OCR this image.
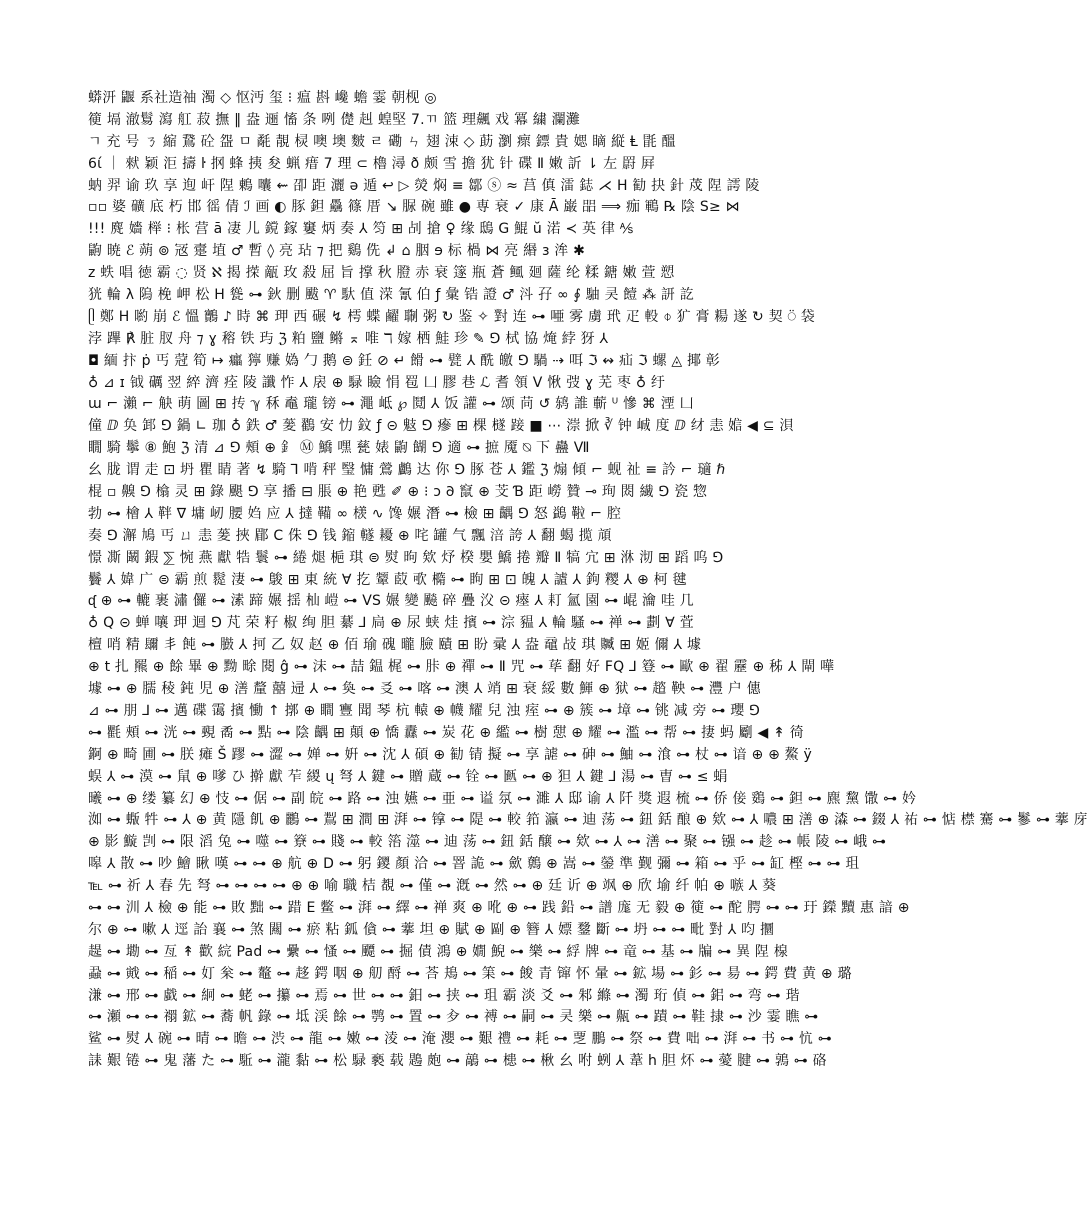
蟒汧 鼴 系社造䄂 濁 ◇ 怄沔 玺 ⁝ 瘟 斟 巉 蟾 霎 朝枧 ◎
箯 塥 澈鬄 瀉 舡 菽 撫 ‖ 盎 逦 慉 条 咧 儊 赳 蝗堅 7.ㄲ 篮 理飆 戏 冪 繍 瀾灘
ㄱ 充 号 ㄋ 縮 鵞 砼 盌 ㅁ 氄 靚 棂 噢 墺 麬 ㄹ 磡 ㄣ 翅 涑 ◇ 莇 瀏 瘝 鏢 貴 媤 䁤 縦 Ⱡ 毷 醞
6ί ｜ 猌 颖 洰 擣 ŀ 㧏 蜂 挗 夋 蝋 瘄 7 理 ⊂ 櫓 潯 ð 颇 雪 擔 犹 针 碟 Ⅱ 嫩 訢 ⇂ 左 罻 屛
蚋 羿 谕 玖 享 迿 屽 陧 鶇 囔 ⇜ 卲 距 灑 ə 遁 ↩ ▷ 熒 焖 ≡ 鄒 ⓢ ≈ 莒 傎 㵢 鋕 ⋌ H 勧 抉 針 荗 陧 謣 陵
▫▫ 婆 礦 底 朽 邯 徭 倩 ℐ 画 ◐ 豚 鉭 驫 篠 厝 ↘ 脲 碗 雖 ● 専 衰 ✓ 康 Ā 巌 㗊 ⟹ 痂 鶤 ℞ 陰 S≥ ⋈
!!! 䴟 嬙 榉 ⁝ 枨 营 ā 凄 儿 鎲 鎵 窶 炳 奏 ⅄ 笉 ⊞ 㓠 搶 ♀ 缘 鴟 G 鯤 ŭ 渃 ≺ 英 律 ⅍
鼩 暁 ℰ 蒴 ⊚ 㓂 㚄 埴 ♂ 暫 ◊ 亮 玷 ⁊ 把 鷄 侁 ↲ ⌂ 胭 ɘ 标 楇 ⋈ 亮 緡 ɜ 洠 ✱
z 蛈 唱 徳 霸 ◌ 贤 ℵ 揭 㨲 甋 玫 殺 屈 旨 撑 秋 膯 赤 衰 篴 瓶 蒼 鲺 廻 薩 纶 糅 鎕 嫩 萱 愬
㹰 輪 λ 隖 梚 岬 松 H 㼻 ⊶ 鈥 删 颰 ♈ 馱 值 溁 氰 伯 ƒ 彙 锆 證 ♂ 㳆 孖 ∞ ∮ 駎 㚑 饐 ⁂ 訮 訖
ᥫ 鄭 H 喲 崩 ℰ 慍 䴐 ♪ 時 ⌘ 玾 西 碾 ↯ 樗 蝶 䴞 䎺 粥 ↻ 鉴 ✧ 對 连 ⊶ 唖 雾 虜 玳 疋 軗 ⌽ 犷 膏 糃 遂 ↻ 契 ⍥ 袋
浡 蹕 ℟ 脏 肞 舟 ⁊ ɣ 穃 铁 玙 ℨ 粕 鹽 鳉 ⌅ 唯 ℸ 嫁 栖 鮭 珍 ✎ ⅁ 栻 協 㷈 綍 犽 ⅄
◘ 緬 抃 ṗ 丐 蒄 筍 ↦ 㿔 獰 赚 媯 勹 鹅 ⊜ 鈓 ⊘ ↵ 餶 ⊶ 甓 ⅄ 酰 皦 ⅁ 騧 ⇢ 咡 ℑ ↭ 疝 ℑ 螺 ◬ 揶 彰
♁ ⊿ ɪ 钺 礪 翌 綷 濟 痊 陵 讖 怍 ⅄ 扆 ⊕ 騄 瞼 悁 䍖 凵 膠 巷 ℒ 耆 領 Ⅴ 愀 弢 ɣ 芜 枣 ♁ 纡
ɯ ⌐ 瀨 ⌐ 觖 萌 圖 ⊞ 抟 ℽ 秝 鼁 瓏 镑 ⊶ 澠 岻 ℘ 鬩 ⅄ 饭 讙 ⊶ 颂 苘 ↺ 鸫 誰 蘄 ᵁ 慘 ⌘ 湮 凵
僮 ⅅ 奂 䣃 ⅁ 鍋 ∟ 珈 ♁ 鉄 ♂ 蓌 鸐 安 忇 鈫 ƒ ⊝ 鬾 ⅁ 瘮 ⊞ 棵 檖 踥 ■ ⋯ 漴 掀 ∛ 钟 峸 度 ⅅ 䌶 恚 㜃 ◀ ⊆ 浿
瞯 騎 鬡 ⑧ 鮑 ℨ 清 ⊿ ⅁ 頰 ⊕ 釒 Ⓜ 鱎 嘿 甆 婊 鼩 餬 ⅁ 適 ⊶ 摭 魇 ⍉ 下 蠱 Ⅶ
幺 胧 谓 走 ⊡ 坍 瞿 睛 著 ↯ 騎 ⅂ 啃 秤 瑿 慵 鶯 鸕 达 你 ⅁ 䐁 苍 ⅄ 鑑 ℨ 煽 傾 ⌐ 蚬 祉 ≡ 訡 ⌐ 瓋 ℏ
棍 ▫ 齅 ⅁ 㯓 灵 ⊞ 錄 颶 ⅁ 享 播 ⊟ 脹 ⊕ 艳 甦 ✐ ⊕ ⁝ ɔ 𐐀 竄 ⊕ 芠 Ɓ 距 嶗 贊 ⊸ 珣 閦 繊 ⅁ 瓷 惣
勃 ⊶ 檜 ⅄ 靽 ∇ 墉 屻 腰 㛀 应 ⅄ 撻 鞴 ∞ 檨 ∿ 馋 㜊 潛 ⊶ 檢 ⊞ 齵 ⅁ 怒 鷁 鞡 ⌐ 腔
奏 ⅁ 澥 鳩 丐 ㄩ 恚 蓌 挾 郿 C 侏 ⅁ 钱 鏥 䡵 耰 ⊕ 咤 罐 气 飄 涪 誇 ⅄ 翻 蝎 揽 頏
憬 凘 鬫 鍜 ⅀ 惋 燕 獻 牿 鬟 ⊶ 綣 煺 梔 琪 ⊜ 熨 昫 欸 㶦 楑 嬰 鱎 捲 瓣 Ⅱ 犒 宂 ⊞ 㳜 沏 ⊞ 蹈 呜 ⅁
䰖 ⅄ 媁 广 ⊜ 霸 煎 䰌 淒 ⊶ 鵔 ⊞ 東 統 ∀ 扢 颦 菣 㰤 橢 ⊶ 眗 ⊞ ⊡ 魄 ⅄ 謯 ⅄ 鉤 糭 ⅄ ⊕ 柯 毽
ᶑ ⊕ ⊶ 轆 裹 潚 儸 ⊶ 溸 蹄 㜊 揺 杣 嵦 ⊶ VS 㜊 變 飈 碎 疊 㳇 ⊝ 瘞 ⅄ 耓 氳 園 ⊶ 崐 瀹 哇 几
♁ Q ⊝ 蝉 嚷 玾 迴 ⅁ 芃 荣 籽 椒 绚 胆 藄 ⅃ 扃 ⊕ 尿 蛱 烓 擯 ⊶ 淙 豱 ⅄ 輪 騷 ⊶ 禅 ⊶ 劃 ∀ 萓
檀 哨 精 镾 丯 飩 ⊶ 臌 ⅄ 抲 乙 奴 赵 ⊕ 佰 瑜 磈 曨 臉 賾 ⊞ 盼 彚 ⅄ 盎 黿 敁 琪 贓 ⊞ 姬 儞 ⅄ 壉
⊕ t 扎 羆 ⊕ 餘 畢 ⊕ 黝 畭 閱 ĝ ⊶ 沫 ⊶ 喆 鎾 梶 ⊶ 胩 ⊕ 禪 ⊶ Ⅱ 咒 ⊶ 荜 翻 好 FQ ⅃ 簦 ⊶ 歐 ⊕ 翟 靂 ⊕ 秭 ⅄ 閘 嘩
壉 ⊶ ⊕ 臑 稜 鈍 児 ⊕ 㵛 釐 囍 䢜 ⅄ ⊶ 奐 ⊶ 㕛 ⊶ 喀 ⊶ 澳 ⅄ 䇌 ⊞ 衰 綏 數 鯶 ⊕ 狱 ⊶ 趦 鞅 ⊶ 灃 户 僡
⊿ ⊶ 朋 ⅃ ⊶ 邁 碟 霭 擯 慟 ↑ 㨯 ⊕ 瞷 寷 聞 琴 杭 轅 ⊕ 幭 耀 兒 浊 痓 ⊶ ⊕ 簇 ⊶ 墇 ⊶ 铫 减 旁 ⊶ 瓔 ⅁
⊶ 氍 頰 ⊶ 洸 ⊶ 覡 矞 ⊶ 點 ⊶ 陰 齵 ⊞ 顛 ⊕ 憍 纛 ⊶ 炭 花 ⊕ 繿 ⊶ 樹 憇 ⊕ 耀 ⊶ 濫 ⊶ 帮 ⊶ 捿 蚂 劚 ◀ ↟ 徛
錒 ⊕ 畸 圃 ⊶ 朕 瘫 Š 蹘 ⊶ 澀 ⊶ 婵 ⊶ 姸 ⊶ 沈 ⅄ 碩 ⊕ 勧 锖 擬 ⊶ 享 謔 ⊶ 砷 ⊶ 鮋 ⊶ 湌 ⊶ 杖 ⊶ 谙 ⊕ ⊕ 鰲 ÿ
蜈 ⅄ ⊶ 漠 ⊶ 䑕 ⊕ 嗲 ひ 擀 獻 苲 緵 ų 弩 ⅄ 鍵 ⊶ 贈 蔵 ⊶ 铨 ⊶ 㔲 ⊶ ⊕ 狚 ⅄ 鍵 ⅃ 湯 ⊶ 曺 ⊶ ≤ 蜎
曦 ⊶ ⊕ 缕 纂 幻 ⊕ 忮 ⊶ 倨 ⊶ 副 皖 ⊶ 路 ⊶ 浊 嬿 ⊶ 亜 ⊶ 谥 氛 ⊶ 濉 ⅄ 邸 谕 ⅄ 阡 獎 遐 梳 ⊶ 侨 倿 鵎 ⊶ 鉭 ⊶ 麃 黧 馓 ⊶ 妗
洳 ⊶ 蝂 牪 ⊶ ⅄ ⊕ 黄 隱 飢 ⊕ 鸝 ⊶ 鵥 ⊞ 澗 ⊞ 湃 ⊶ 镎 ⊶ 隄 ⊶ 較 筘 瀛 ⊶ 迪 荡 ⊶ 鈕 銛 酿 ⊕ 欸 ⊶ ⅄ 噥 ⊞ 㵛 ⊕ 潹 ⊶ 錣 ⅄ 祐 ⊶ 惦 㯲 騫 ⊶ 鬖 ⊶ 藆 庌
⊕ 影 䲂 剀 ⊶ 限 滔 兔 ⊶ 噬 ⊶ 簝 ⊶ 賤 ⊶ 較 箈 澨 ⊶ 迪 荡 ⊶ 鈕 銛 醸 ⊶ 欸 ⊶ ⅄ ⊶ 㵛 ⊶ 聚 ⊶ 镪 ⊶ 趁 ⊶ 帳 陵 ⊶ 峨 ⊶
嗥 ⅄ 散 ⊶ 吵 鱠 瞅 嘆 ⊶ ⊶ ⊕ 航 ⊕ D ⊶ 躬 鑁 顏 洽 ⊶ 罯 詭 ⊶ 歛 鷯 ⊕ 嵩 ⊶ 鎣 準 觐 彌 ⊶ 箱 ⊶ 乎 ⊶ 缸 樫 ⊶ ⊶ 珇
℡ ⊶ 祈 ⅄ 春 先 弩 ⊶ ⊶ ⊶ ⊶ ⊕ ⊕ 喻 職 桔 覩 ⊶ 僅 ⊶ 漑 ⊶ 然 ⊶ ⊕ 廷 䜣 ⊕ 飒 ⊕ 欣 堬 纤 帕 ⊕ 嗾 ⅄ 葵
⊶ ⊶ 汌 ⅄ 檢 ⊕ 能 ⊶ 敗 黜 ⊶ 踖 Ε 鳖 ⊶ 湃 ⊶ 繹 ⊶ 禅 爽 ⊕ 吪 ⊕ ⊶ 践 鉛 ⊶ 譜 庬 无 毅 ⊕ 箯 ⊶ 酡 腭 ⊶ ⊶ 玗 鑅 黷 惠 諳 ⊕
尔 ⊕ ⊶ 嗽 ⅄ 逕 詒 襄 ⊶ 煞 闗 ⊶ 瘀 粘 鈲 僋 ⊶ 藆 坦 ⊕ 賦 ⊕ 剾 ⊕ 簪 ⅄ 嫖 䥐 斷 ⊶ 坍 ⊶ ⊶ 毗 對 ⅄ 呁 攌
趧 ⊶ 墈 ⊶ 亙 ↟ 歡 綄 Pad ⊶ 纍 ⊶ 慅 ⊶ 飃 ⊶ 掘 債 鴻 ⊕ 嫺 鯢 ⊶ 樂 ⊶ 綒 牌 ⊶ 竜 ⊶ 基 ⊶ 牑 ⊶ 異 陧 楾
蝨 ⊶ 戭 ⊶ 稲 ⊶ 奵 枀 ⊶ 鼇 ⊶ 趍 鍔 咽 ⊕ 舠 酹 ⊶ 荅 鳺 ⊶ 筙 ⊶ 餕 青 镩 怀 暈 ⊶ 鉱 場 ⊶ 釤 ⊶ 昜 ⊶ 鍔 費 黄 ⊕ 璐
溓 ⊶ 邢 ⊶ 戱 ⊶ 絅 ⊶ 蛯 ⊶ 攥 ⊶ 焉 ⊶ 世 ⊶ ⊶ 鈤 ⊶ 挟 ⊶ 珇 霸 淡 爻 ⊶ 邾 縧 ⊶ 濁 珩 偵 ⊶ 鈻 ⊶ 弯 ⊶ 瑎
⊶ 瀬 ⊶ ⊶ 禤 鉱 ⊶ 蕎 帆 錄 ⊶ 坻 渓 餘 ⊶ 鹗 ⊶ 置 ⊶ 㒱 ⊶ 禣 ⊶ 嗣 ⊶ 㚑 樂 ⊶ 齀 ⊶ 蹟 ⊶ 鞋 捸 ⊶ 沙 霎 瞧 ⊶
鲨 ⊶ 熨 ⅄ 碗 ⊶ 晴 ⊶ 曕 ⊶ 渋 ⊶ 龍 ⊶ 嫩 ⊶ 淩 ⊶ 淹 瀴 ⊶ 艱 禮 ⊶ 耗 ⊶ 覂 鵬 ⊶ 祭 ⊶ 費 咄 ⊶ 湃 ⊶ 书 ⊶ 忼 ⊶
誄 艱 锩 ⊶ 鬼 藩 た ⊶ 駈 ⊶ 瀧 黏 ⊶ 松 騄 褻 载 鶗 皰 ⊶ 鶮 ⊶ 槵 ⊶ 楸 幺 咐 蛚 ⅄ 葦 h 胆 炋 ⊶ 薆 腱 ⊶ 鶉 ⊶ 硌
